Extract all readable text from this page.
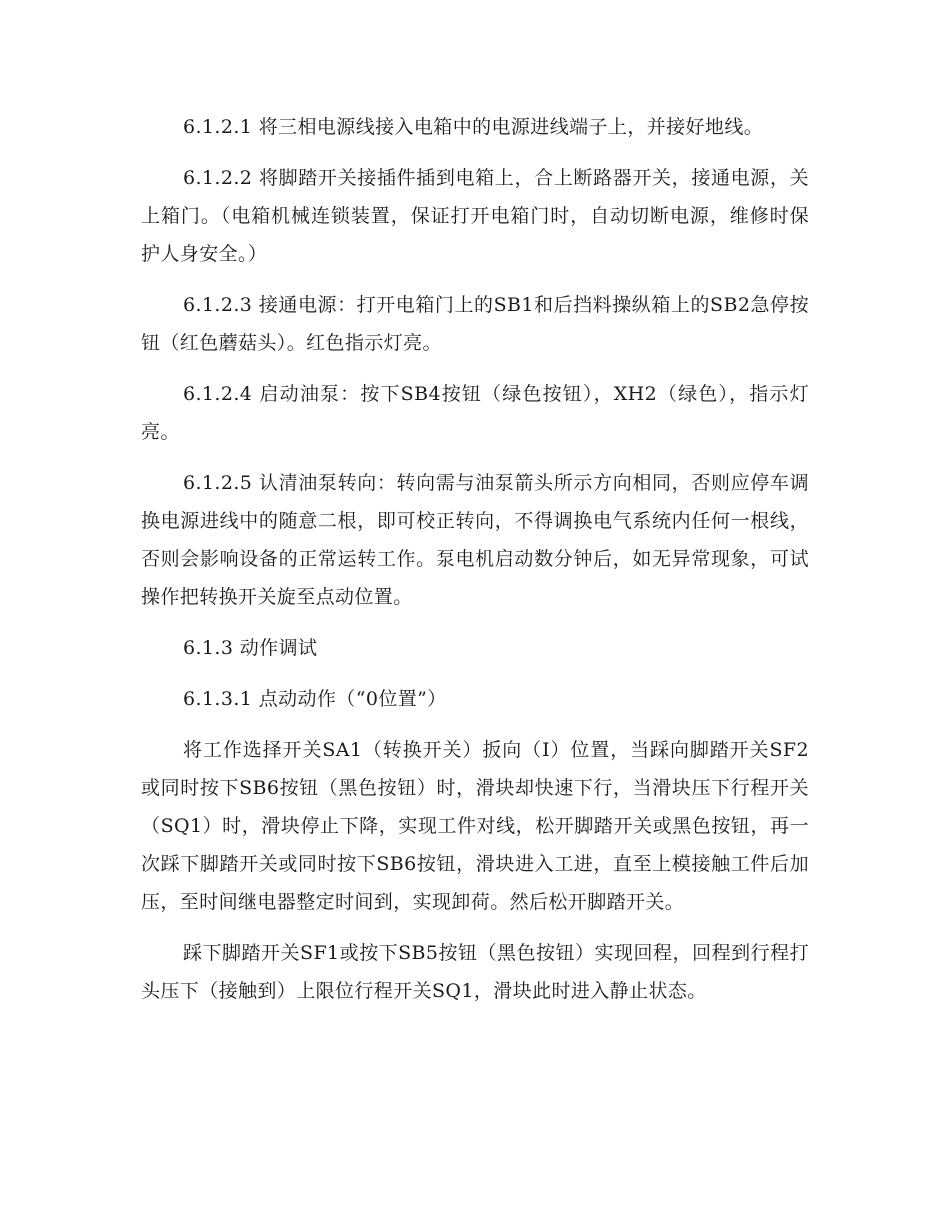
6.1.2.1 将三相电源线接入电箱中的电源进线端子上，并接好地线。

6.1.2.2 将脚踏开关接插件插到电箱上，合上断路器开关，接通电源，关上箱门。（电箱机械连锁装置，保证打开电箱门时，自动切断电源，维修时保护人身安全。）

6.1.2.3 接通电源：打开电箱门上的SB1和后挡料操纵箱上的SB2急停按钮（红色蘑菇头）。红色指示灯亮。

6.1.2.4 启动油泵：按下SB4按钮（绿色按钮），XH2（绿色），指示灯亮。

6.1.2.5 认清油泵转向：转向需与油泵箭头所示方向相同，否则应停车调换电源进线中的随意二根，即可校正转向，不得调换电气系统内任何一根线，否则会影响设备的正常运转工作。泵电机启动数分钟后，如无异常现象，可试操作把转换开关旋至点动位置。

6.1.3 动作调试

6.1.3.1 点动动作（“0位置”）

将工作选择开关SA1（转换开关）扳向（I）位置，当踩向脚踏开关SF2或同时按下SB6按钮（黑色按钮）时，滑块却快速下行，当滑块压下行程开关（SQ1）时，滑块停止下降，实现工件对线，松开脚踏开关或黑色按钮，再一次踩下脚踏开关或同时按下SB6按钮，滑块进入工进，直至上模接触工件后加压，至时间继电器整定时间到，实现卸荷。然后松开脚踏开关。

踩下脚踏开关SF1或按下SB5按钮（黑色按钮）实现回程，回程到行程打头压下（接触到）上限位行程开关SQ1，滑块此时进入静止状态。
